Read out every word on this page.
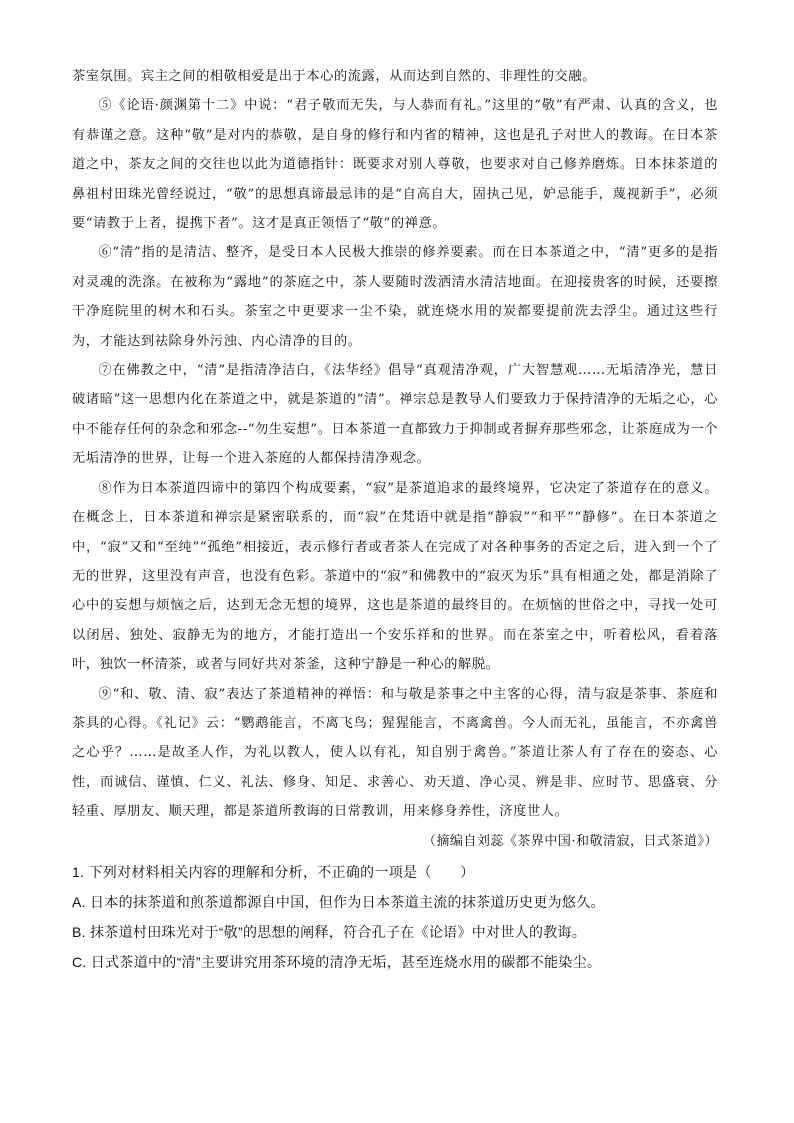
茶室氛围。宾主之间的相敬相爱是出于本心的流露，从而达到自然的、非理性的交融。

⑤《论语·颜渊第十二》中说：“君子敬而无失，与人恭而有礼。”这里的“敬”有严肃、认真的含义，也有恭谨之意。这种“敬”是对内的恭敬，是自身的修行和内省的精神，这也是孔子对世人的教诲。在日本茶道之中，茶友之间的交往也以此为道德指针：既要求对别人尊敬，也要求对自己修养磨炼。日本抹茶道的鼻祖村田珠光曾经说过，“敬”的思想真谛最忌讳的是“自高自大，固执己见，妒忌能手，蔑视新手”，必须要“请教于上者，提携下者”。这才是真正领悟了“敬”的禅意。

⑥“清”指的是清洁、整齐，是受日本人民极大推崇的修养要素。而在日本茶道之中，“清”更多的是指对灵魂的洗涤。在被称为“露地”的茶庭之中，茶人要随时泼洒清水清洁地面。在迎接贵客的时候，还要擦干净庭院里的树木和石头。茶室之中更要求一尘不染，就连烧水用的炭都要提前洗去浮尘。通过这些行为，才能达到祛除身外污浊、内心清净的目的。

⑦在佛教之中，“清”是指清净洁白，《法华经》倡导“真观清净观，广大智慧观……无垢清净光，慧日破诸暗”这一思想内化在茶道之中，就是茶道的“清”。禅宗总是教导人们要致力于保持清净的无垢之心，心中不能存任何的杂念和邪念--“勿生妄想”。日本茶道一直都致力于抑制或者摒弃那些邪念，让茶庭成为一个无垢清净的世界，让每一个进入茶庭的人都保持清净观念。

⑧作为日本茶道四谛中的第四个构成要素，“寂”是茶道追求的最终境界，它决定了茶道存在的意义。在概念上，日本茶道和禅宗是紧密联系的，而“寂”在梵语中就是指“静寂”“和平”“静修”。在日本茶道之中，“寂”又和“至纯”“孤绝”相接近，表示修行者或者茶人在完成了对各种事务的否定之后，进入到一个了无的世界，这里没有声音，也没有色彩。茶道中的“寂”和佛教中的“寂灭为乐”具有相通之处，都是消除了心中的妄想与烦恼之后，达到无念无想的境界，这也是茶道的最终目的。在烦恼的世俗之中，寻找一处可以闭居、独处、寂静无为的地方，才能打造出一个安乐祥和的世界。而在茶室之中，听着松风，看着落叶，独饮一杯清茶，或者与同好共对茶釜，这种宁静是一种心的解脱。

⑨“和、敬、清、寂”表达了茶道精神的禅悟：和与敬是茶事之中主客的心得，清与寂是茶事、茶庭和茶具的心得。《礼记》云：“鹦鹉能言，不离飞鸟；猩猩能言，不离禽兽。今人而无礼，虽能言，不亦禽兽之心乎？……是故圣人作，为礼以教人，使人以有礼，知自别于禽兽。”茶道让茶人有了存在的姿态、心性，而诚信、谨慎、仁义、礼法、修身、知足、求善心、劝天道、净心灵、辨是非、应时节、思盛衰、分轻重、厚朋友、顺天理，都是茶道所教诲的日常教训，用来修身养性，济度世人。

（摘编自刘蕊《茶界中国·和敬清寂，日式茶道》）

1. 下列对材料相关内容的理解和分析，不正确的一项是（　　）

A. 日本的抹茶道和煎茶道都源自中国，但作为日本茶道主流的抹茶道历史更为悠久。

B. 抹茶道村田珠光对于“敬”的思想的阐释，符合孔子在《论语》中对世人的教诲。

C. 日式茶道中的“清”主要讲究用茶环境的清净无垢，甚至连烧水用的碳都不能染尘。
